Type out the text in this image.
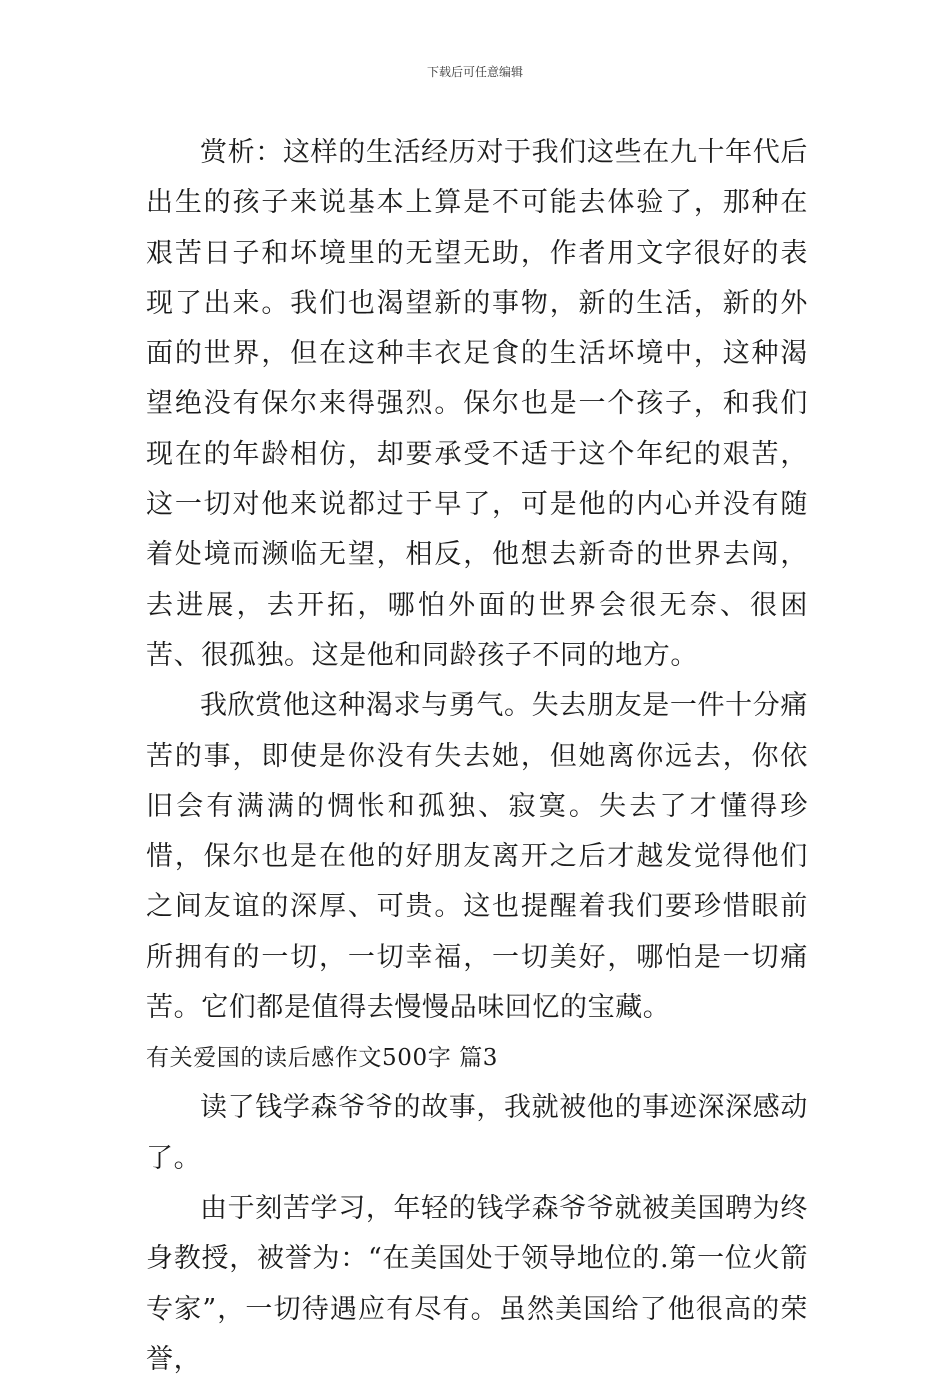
下载后可任意编辑

赏析：这样的生活经历对于我们这些在九十年代后出生的孩子来说基本上算是不可能去体验了，那种在艰苦日子和坏境里的无望无助，作者用文字很好的表现了出来。我们也渴望新的事物，新的生活，新的外面的世界，但在这种丰衣足食的生活坏境中，这种渴望绝没有保尔来得强烈。保尔也是一个孩子，和我们现在的年龄相仿，却要承受不适于这个年纪的艰苦，这一切对他来说都过于早了，可是他的内心并没有随着处境而濒临无望，相反，他想去新奇的世界去闯，去进展，去开拓，哪怕外面的世界会很无奈、很困苦、很孤独。这是他和同龄孩子不同的地方。

我欣赏他这种渴求与勇气。失去朋友是一件十分痛苦的事，即使是你没有失去她，但她离你远去，你依旧会有满满的惆怅和孤独、寂寞。失去了才懂得珍惜，保尔也是在他的好朋友离开之后才越发觉得他们之间友谊的深厚、可贵。这也提醒着我们要珍惜眼前所拥有的一切，一切幸福，一切美好，哪怕是一切痛苦。它们都是值得去慢慢品味回忆的宝藏。

有关爱国的读后感作文500字 篇3

读了钱学森爷爷的故事，我就被他的事迹深深感动了。

由于刻苦学习，年轻的钱学森爷爷就被美国聘为终身教授，被誉为：“在美国处于领导地位的.第一位火箭专家”，一切待遇应有尽有。虽然美国给了他很高的荣誉，
